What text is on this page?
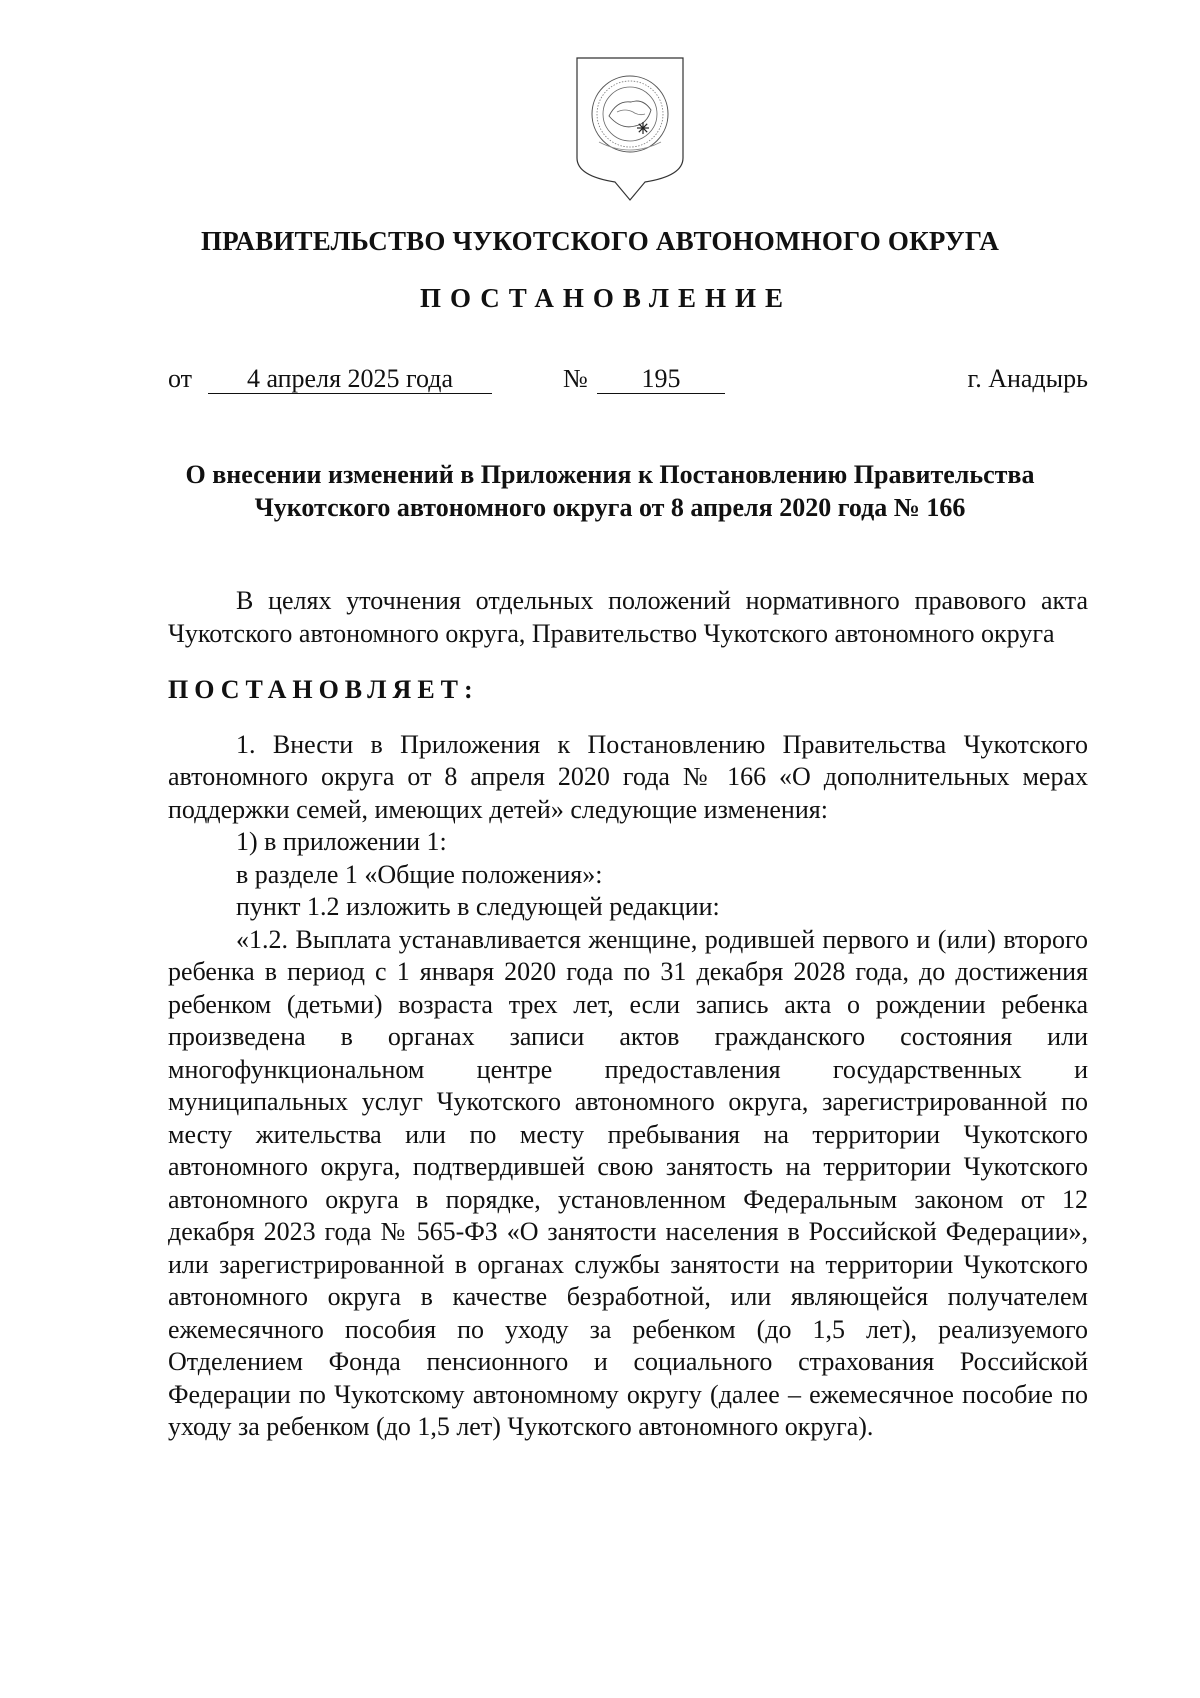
ПРАВИТЕЛЬСТВО ЧУКОТСКОГО АВТОНОМНОГО ОКРУГА
ПОСТАНОВЛЕНИЕ
от	4 апреля 2025 года	№	195	г. Анадырь
О внесении изменений в Приложения к Постановлению Правительства
Чукотского автономного округа от 8 апреля 2020 года № 166

В целях уточнения отдельных положений нормативного правового акта Чукотского автономного округа, Правительство Чукотского автономного округа

ПОСТАНОВЛЯЕТ:

1. Внести в Приложения к Постановлению Правительства Чукотского автономного округа от 8 апреля 2020 года № 166 «О дополнительных мерах поддержки семей, имеющих детей» следующие изменения:

1) в приложении 1:

в разделе 1 «Общие положения»:

пункт 1.2 изложить в следующей редакции:

«1.2. Выплата устанавливается женщине, родившей первого и (или) второго ребенка в период с 1 января 2020 года по 31 декабря 2028 года, до достижения ребенком (детьми) возраста трех лет, если запись акта о рождении ребенка произведена в органах записи актов гражданского состояния или многофункциональном центре предоставления государственных и муниципальных услуг Чукотского автономного округа, зарегистрированной по месту жительства или по месту пребывания на территории Чукотского автономного округа, подтвердившей свою занятость на территории Чукотского автономного округа в порядке, установленном Федеральным законом от 12 декабря 2023 года № 565-ФЗ «О занятости населения в Российской Федерации», или зарегистрированной в органах службы занятости на территории Чукотского автономного округа в качестве безработной, или являющейся получателем ежемесячного пособия по уходу за ребенком (до 1,5 лет), реализуемого Отделением Фонда пенсионного и социального страхования Российской Федерации по Чукотскому автономному округу (далее – ежемесячное пособие по уходу за ребенком (до 1,5 лет) Чукотского автономного округа).
